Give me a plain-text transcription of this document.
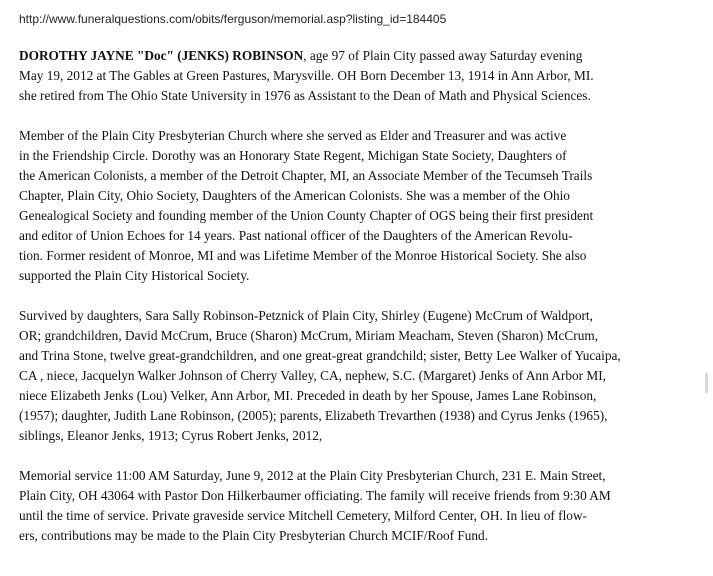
http://www.funeralquestions.com/obits/ferguson/memorial.asp?listing_id=184405

DOROTHY JAYNE "Doc" (JENKS) ROBINSON, age 97 of Plain City passed away Saturday evening
May 19, 2012 at The Gables at Green Pastures, Marysville. OH Born December 13, 1914 in Ann Arbor, MI.
she retired from The Ohio State University in 1976 as Assistant to the Dean of Math and Physical Sciences.

Member of the Plain City Presbyterian Church where she served as Elder and Treasurer and was active
in the Friendship Circle. Dorothy was an Honorary State Regent, Michigan State Society, Daughters of
the American Colonists, a member of the Detroit Chapter, MI, an Associate Member of the Tecumseh Trails
Chapter, Plain City, Ohio Society, Daughters of the American Colonists. She was a member of the Ohio
Genealogical Society and founding member of the Union County Chapter of OGS being their first president
and editor of Union Echoes for 14 years. Past national officer of the Daughters of the American Revolu-
tion. Former resident of Monroe, MI and was Lifetime Member of the Monroe Historical Society. She also
supported the Plain City Historical Society.

Survived by daughters, Sara Sally Robinson-Petznick of Plain City, Shirley (Eugene) McCrum of Waldport,
OR; grandchildren, David McCrum, Bruce (Sharon) McCrum, Miriam Meacham, Steven (Sharon) McCrum,
and Trina Stone, twelve great-grandchildren, and one great-great grandchild; sister, Betty Lee Walker of Yucaipa,
CA , niece, Jacquelyn Walker Johnson of Cherry Valley, CA, nephew, S.C. (Margaret) Jenks of Ann Arbor MI,
niece Elizabeth Jenks (Lou) Velker, Ann Arbor, MI. Preceded in death by her Spouse, James Lane Robinson,
(1957); daughter, Judith Lane Robinson, (2005); parents, Elizabeth Trevarthen (1938) and Cyrus Jenks (1965),
siblings, Eleanor Jenks, 1913; Cyrus Robert Jenks, 2012,

Memorial service 11:00 AM Saturday, June 9, 2012 at the Plain City Presbyterian Church, 231 E. Main Street,
Plain City, OH 43064 with Pastor Don Hilkerbaumer officiating. The family will receive friends from 9:30 AM
until the time of service. Private graveside service Mitchell Cemetery, Milford Center, OH. In lieu of flow-
ers, contributions may be made to the Plain City Presbyterian Church MCIF/Roof Fund.
